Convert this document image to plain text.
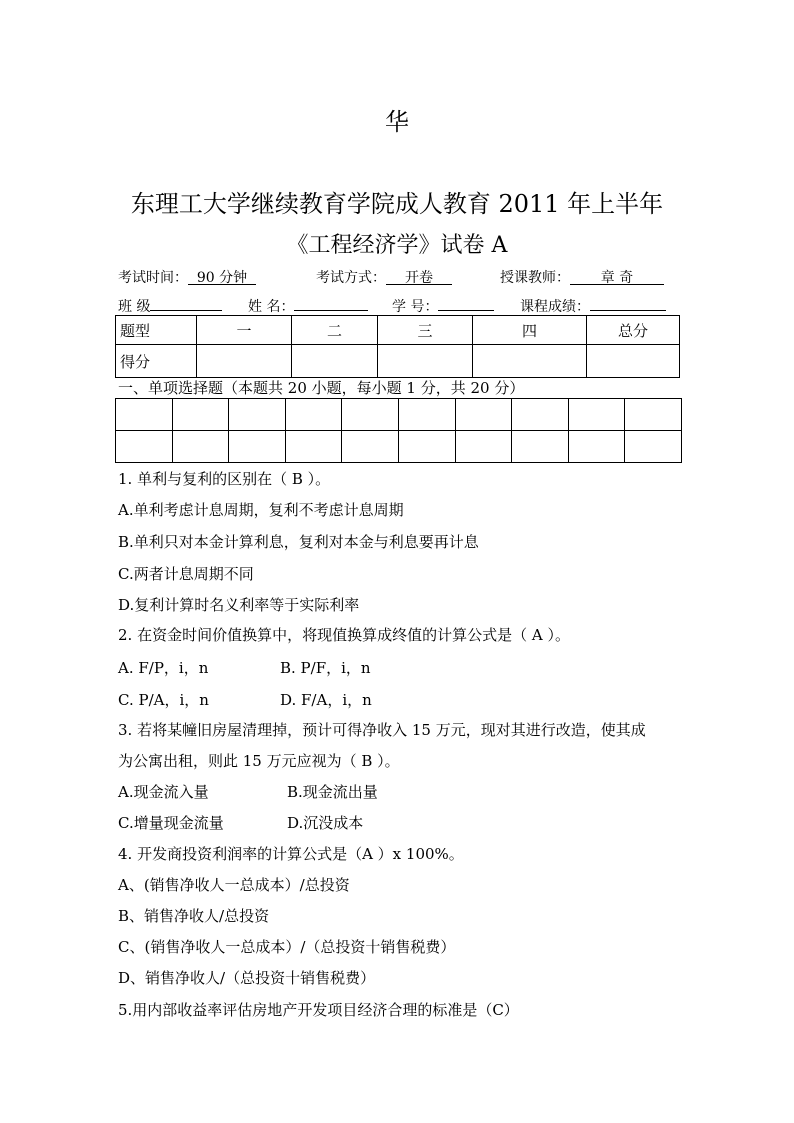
华
东理工大学继续教育学院成人教育 2011 年上半年
《工程经济学》试卷 A
考试时间： 90 分钟	考试方式： 开卷	授课教师： 章 奇
班 级	姓 名：	学 号：	课程成绩：
题型	一	二	三	四	总分
得分					
一、单项选择题（本题共 20 小题，每小题 1 分，共 20 分）

1. 单利与复利的区别在（ B ）。
A.单利考虑计息周期，复利不考虑计息周期
B.单利只对本金计算利息，复利对本金与利息要再计息
C.两者计息周期不同
D.复利计算时名义利率等于实际利率
2. 在资金时间价值换算中，将现值换算成终值的计算公式是（ A ）。
A. F/P，i，n	B. P/F，i，n
C. P/A，i，n	D. F/A，i，n
3. 若将某幢旧房屋清理掉，预计可得净收入 15 万元，现对其进行改造，使其成
为公寓出租，则此 15 万元应视为（ B ）。
A.现金流入量	B.现金流出量
C.增量现金流量	D.沉没成本
4. 开发商投资利润率的计算公式是（A ）x 100%。
A、(销售净收人一总成本）/总投资
B、销售净收人/总投资
C、(销售净收人一总成本）/（总投资十销售税费）
D、销售净收人/（总投资十销售税费）
5.用内部收益率评估房地产开发项目经济合理的标准是（C）
